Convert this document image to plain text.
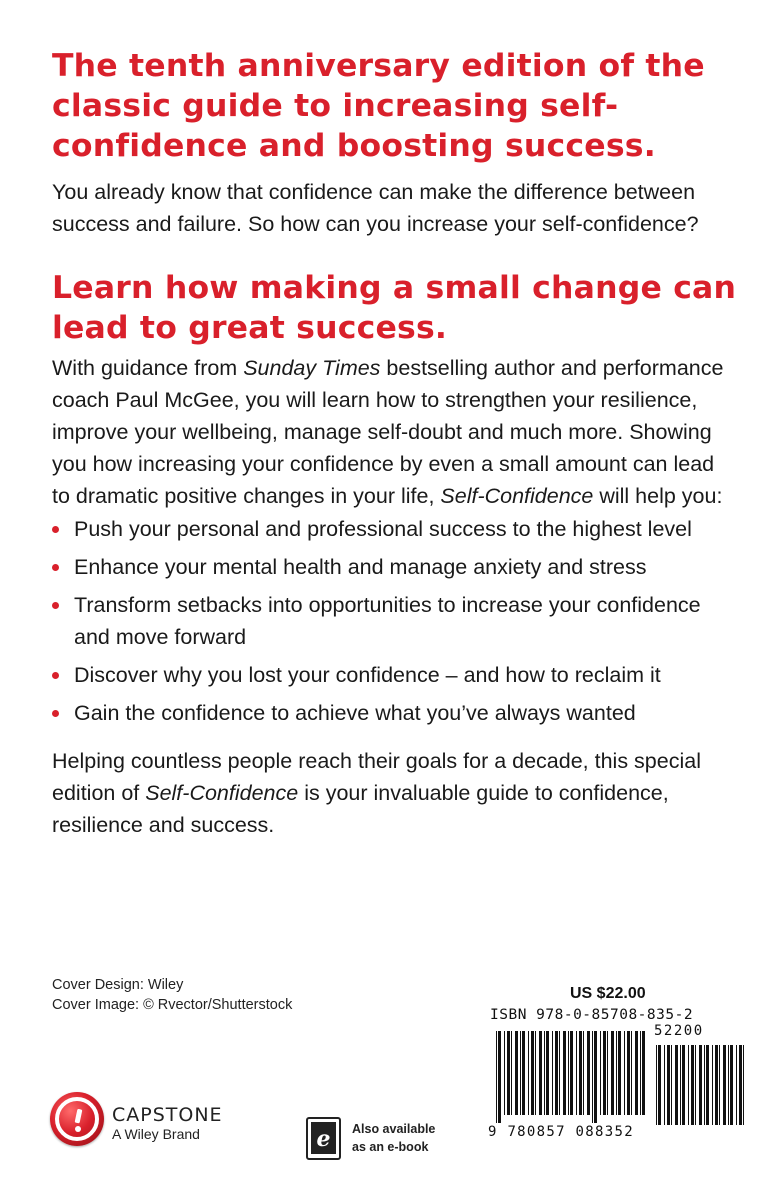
The tenth anniversary edition of the classic guide to increasing self-confidence and boosting success.

You already know that confidence can make the difference between success and failure. So how can you increase your self-confidence?

Learn how making a small change can lead to great success.

With guidance from Sunday Times bestselling author and performance coach Paul McGee, you will learn how to strengthen your resilience, improve your wellbeing, manage self-doubt and much more. Showing you how increasing your confidence by even a small amount can lead to dramatic positive changes in your life, Self-Confidence will help you:

Push your personal and professional success to the highest level
Enhance your mental health and manage anxiety and stress
Transform setbacks into opportunities to increase your confidence and move forward
Discover why you lost your confidence – and how to reclaim it
Gain the confidence to achieve what you’ve always wanted

Helping countless people reach their goals for a decade, this special edition of Self-Confidence is your invaluable guide to confidence, resilience and success.

Cover Design: Wiley
Cover Image: © Rvector/Shutterstock
CAPSTONE
A Wiley Brand	e Also available
as an e-book
US $22.00
ISBN 978-0-85708-835-2
52200
9 780857 088352
